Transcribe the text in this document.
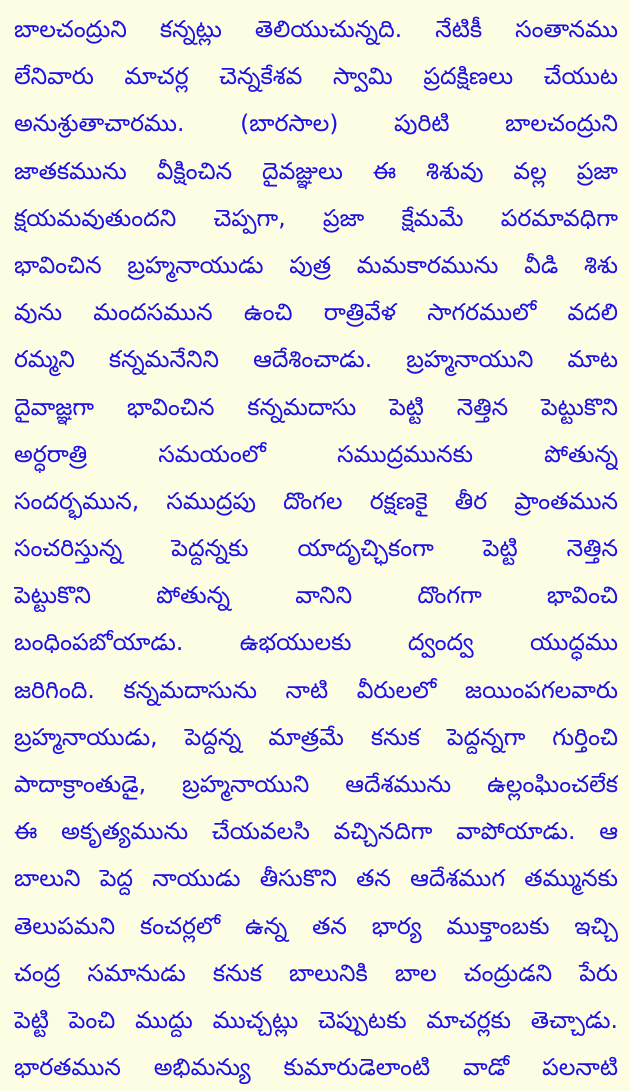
బాలచంద్రుని కన్నట్లు తెలియుచున్నది. నేటికీ సంతానము
లేనివారు మాచర్ల చెన్నకేశవ స్వామి ప్రదక్షిణలు చేయుట
అనుశ్రుతాచారము. (బారసాల) పురిటి బాలచంద్రుని
జాతకమును వీక్షించిన దైవజ్ఞులు ఈ శిశువు వల్ల ప్రజా
క్షయమవుతుందని చెప్పగా, ప్రజా క్షేమమే పరమావధిగా
భావించిన బ్రహ్మనాయుడు పుత్ర మమకారమును వీడి శిశు
వును మందసమున ఉంచి రాత్రివేళ సాగరములో వదలి
రమ్మని కన్నమనేనిని ఆదేశించాడు. బ్రహ్మనాయుని మాట
దైవాజ్ఞగా భావించిన కన్నమదాసు పెట్టి నెత్తిన పెట్టుకొని
అర్ధరాత్రి సమయంలో సముద్రమునకు పోతున్న
సందర్భమున, సముద్రపు దొంగల రక్షణకై తీర ప్రాంతమున
సంచరిస్తున్న పెద్దన్నకు యాదృచ్ఛికంగా పెట్టి నెత్తిన
పెట్టుకొని పోతున్న వానిని దొంగగా భావించి
బంధింపబోయాడు. ఉభయులకు ద్వంద్వ యుద్ధము
జరిగింది. కన్నమదాసును నాటి వీరులలో జయింపగలవారు
బ్రహ్మనాయుడు, పెద్దన్న మాత్రమే కనుక పెద్దన్నగా గుర్తించి
పాదాక్రాంతుడై, బ్రహ్మనాయుని ఆదేశమును ఉల్లంఘించలేక
ఈ అకృత్యమును చేయవలసి వచ్చినదిగా వాపోయాడు. ఆ
బాలుని పెద్ద నాయుడు తీసుకొని తన ఆదేశముగ తమ్మునకు
తెలుపమని కంచర్లలో ఉన్న తన భార్య ముక్తాంబకు ఇచ్చి
చంద్ర సమానుడు కనుక బాలునికి బాల చంద్రుడని పేరు
పెట్టి పెంచి ముద్దు ముచ్చట్లు చెప్పుటకు మాచర్లకు తెచ్చాడు.
భారతమున అభిమన్యు కుమారుడెలాంటి వాడో పలనాటి
